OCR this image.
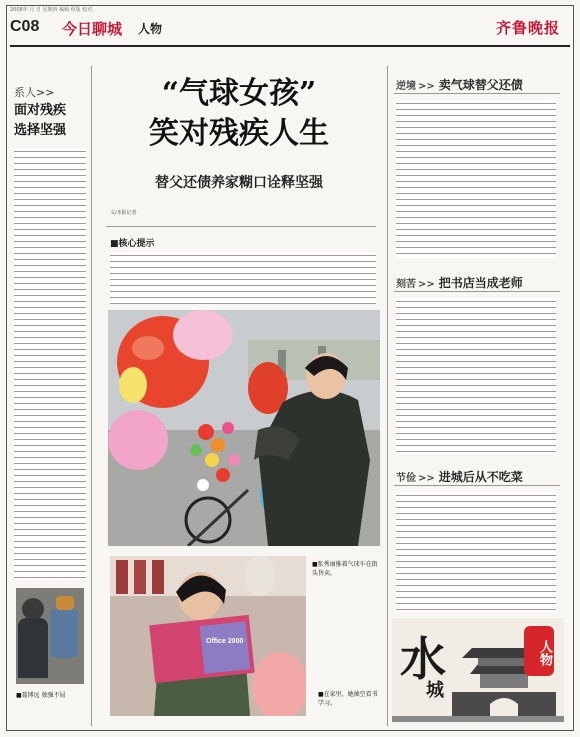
2008年 月 日 星期四 编辑 组版 校对
C08 今日聊城 人物	齐鲁晚报
系人>>
面对残疾
选择坚强
■聂博远 独强不屈
“气球女孩”
笑对残疾人生
替父还债养家糊口诠释坚强
文/本报记者
■核心提示
■张秀丽推着气球车在街头售卖。
Office 2000
■在家里，她抽空看书学习。
逆境 >> 卖气球替父还债
刻苦 >> 把书店当成老师
节俭 >> 进城后从不吃菜
水
城
人物
